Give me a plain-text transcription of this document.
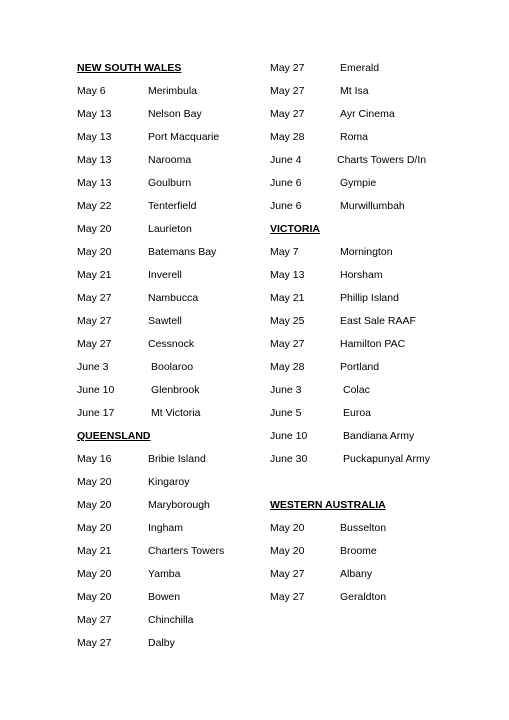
NEW SOUTH WALES
May 6	Merimbula
May 13	Nelson Bay
May 13	Port Macquarie
May 13	Narooma
May 13	Goulburn
May 22	Tenterfield
May 20	Laurieton
May 20	Batemans Bay
May 21	Inverell
May 27	Nambucca
May 27	Sawtell
May 27	Cessnock
June 3	Boolaroo
June 10	Glenbrook
June 17	Mt Victoria
QUEENSLAND
May 16	Bribie Island
May 20	Kingaroy
May 20	Maryborough
May 20	Ingham
May 21	Charters Towers
May 20	Yamba
May 20	Bowen
May 27	Chinchilla
May 27	Dalby
May 27	Emerald
May 27	Mt Isa
May 27	Ayr Cinema
May 28	Roma
June 4	Charts Towers D/In
June 6	Gympie
June 6	Murwillumbah
VICTORIA
May 7	Mornington
May 13	Horsham
May 21	Phillip Island
May 25	East Sale RAAF
May 27	Hamilton PAC
May 28	Portland
June 3	Colac
June 5	Euroa
June 10	Bandiana Army
June 30	Puckapunyal Army
WESTERN AUSTRALIA
May 20	Busselton
May 20	Broome
May 27	Albany
May 27	Geraldton
